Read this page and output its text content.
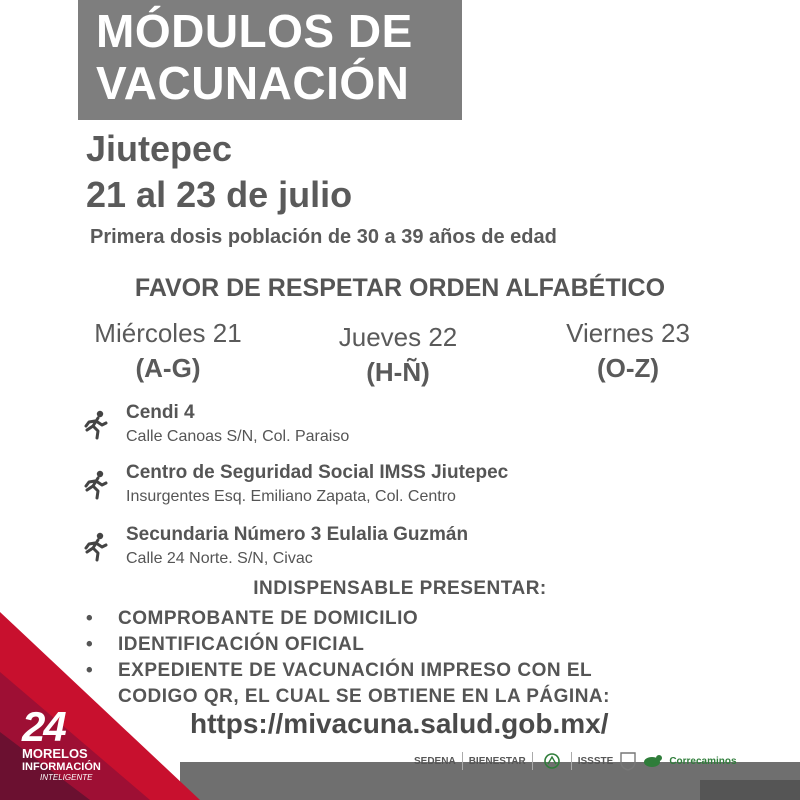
MÓDULOS DE
VACUNACIÓN
Jiutepec
21 al 23 de julio
Primera dosis población de 30 a 39 años de edad
FAVOR DE RESPETAR ORDEN ALFABÉTICO
Miércoles 21
(A-G)
Jueves 22
(H-Ñ)
Viernes 23
(O-Z)
Cendi 4
Calle Canoas S/N, Col. Paraiso
Centro de Seguridad Social IMSS Jiutepec
Insurgentes Esq. Emiliano Zapata, Col. Centro
Secundaria Número 3 Eulalia Guzmán
Calle 24 Norte. S/N, Civac
INDISPENSABLE PRESENTAR:
• COMPROBANTE DE DOMICILIO
• IDENTIFICACIÓN OFICIAL
• EXPEDIENTE DE VACUNACIÓN IMPRESO CON EL
CODIGO QR, EL CUAL SE OBTIENE EN LA PÁGINA:
https://mivacuna.salud.gob.mx/
SEDENA BIENESTAR	ISSSTE	Correcaminos
24
MORELOS
INFORMACIÓN
INTELIGENTE
